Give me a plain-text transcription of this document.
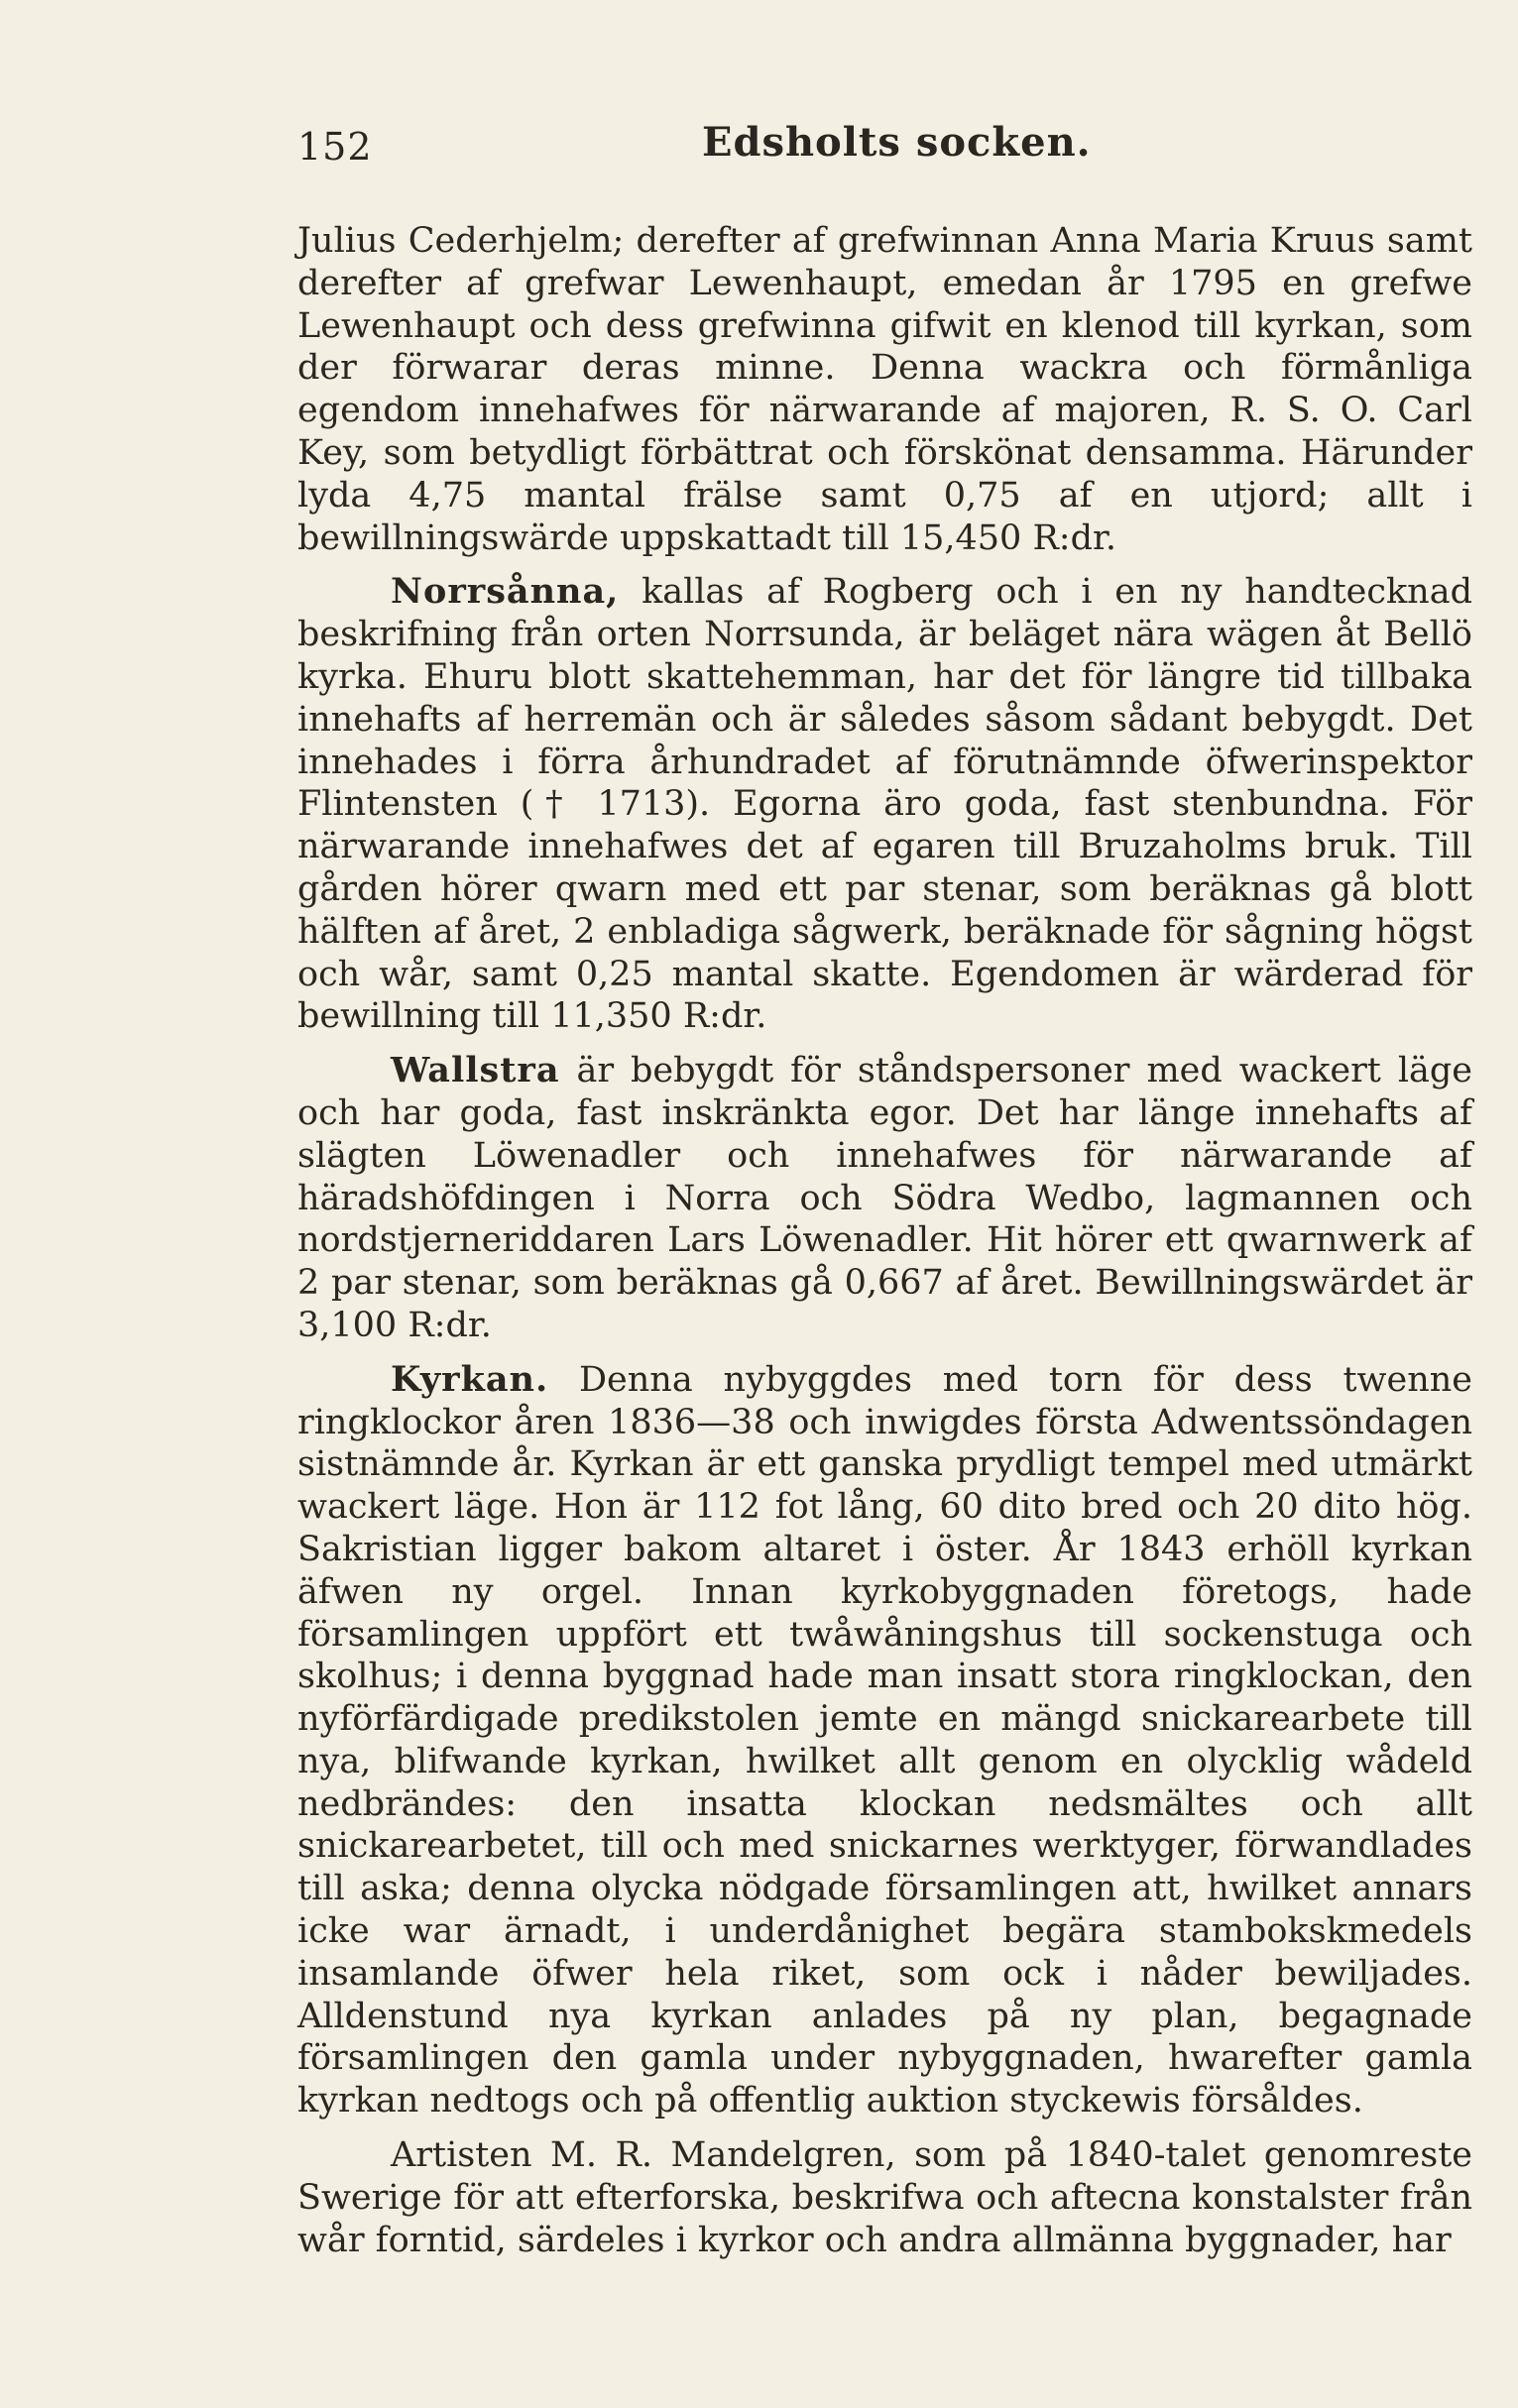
152	Edsholts socken.

Julius Cederhjelm; derefter af grefwinnan Anna Maria Kruus samt derefter af grefwar Lewenhaupt, emedan år 1795 en grefwe Lewenhaupt och dess grefwinna gifwit en klenod till kyrkan, som der förwarar deras minne. Denna wackra och förmånliga egendom innehafwes för närwarande af majoren, R. S. O. Carl Key, som betydligt förbättrat och förskönat densamma. Härunder lyda 4,75 mantal frälse samt 0,75 af en utjord; allt i bewillningswärde uppskattadt till 15,450 R:dr.

Norrsånna, kallas af Rogberg och i en ny handtecknad beskrifning från orten Norrsunda, är beläget nära wägen åt Bellö kyrka. Ehuru blott skattehemman, har det för längre tid tillbaka innehafts af herremän och är således såsom sådant bebygdt. Det innehades i förra århundradet af förutnämnde öfwerinspektor Flintensten († 1713). Egorna äro goda, fast stenbundna. För närwarande innehafwes det af egaren till Bruzaholms bruk. Till gården hörer qwarn med ett par stenar, som beräknas gå blott hälften af året, 2 enbladiga sågwerk, beräknade för sågning högst och wår, samt 0,25 mantal skatte. Egendomen är wärderad för bewillning till 11,350 R:dr.

Wallstra är bebygdt för ståndspersoner med wackert läge och har goda, fast inskränkta egor. Det har länge innehafts af slägten Löwenadler och innehafwes för närwarande af häradshöfdingen i Norra och Södra Wedbo, lagmannen och nordstjerneriddaren Lars Löwenadler. Hit hörer ett qwarnwerk af 2 par stenar, som beräknas gå 0,667 af året. Bewillningswärdet är 3,100 R:dr.

Kyrkan. Denna nybyggdes med torn för dess twenne ringklockor åren 1836—38 och inwigdes första Adwentssöndagen sistnämnde år. Kyrkan är ett ganska prydligt tempel med utmärkt wackert läge. Hon är 112 fot lång, 60 dito bred och 20 dito hög. Sakristian ligger bakom altaret i öster. År 1843 erhöll kyrkan äfwen ny orgel. Innan kyrkobyggnaden företogs, hade församlingen uppfört ett twåwåningshus till sockenstuga och skolhus; i denna byggnad hade man insatt stora ringklockan, den nyförfärdigade predikstolen jemte en mängd snickarearbete till nya, blifwande kyrkan, hwilket allt genom en olycklig wådeld nedbrändes: den insatta klockan nedsmältes och allt snickarearbetet, till och med snickarnes werktyger, förwandlades till aska; denna olycka nödgade församlingen att, hwilket annars icke war ärnadt, i underdånighet begära stambokskmedels insamlande öfwer hela riket, som ock i nåder bewiljades. Alldenstund nya kyrkan anlades på ny plan, begagnade församlingen den gamla under nybyggnaden, hwarefter gamla kyrkan nedtogs och på offentlig auktion styckewis försåldes.

Artisten M. R. Mandelgren, som på 1840-talet genomreste Swerige för att efterforska, beskrifwa och aftecna konstalster från wår forntid, särdeles i kyrkor och andra allmänna byggnader, har
